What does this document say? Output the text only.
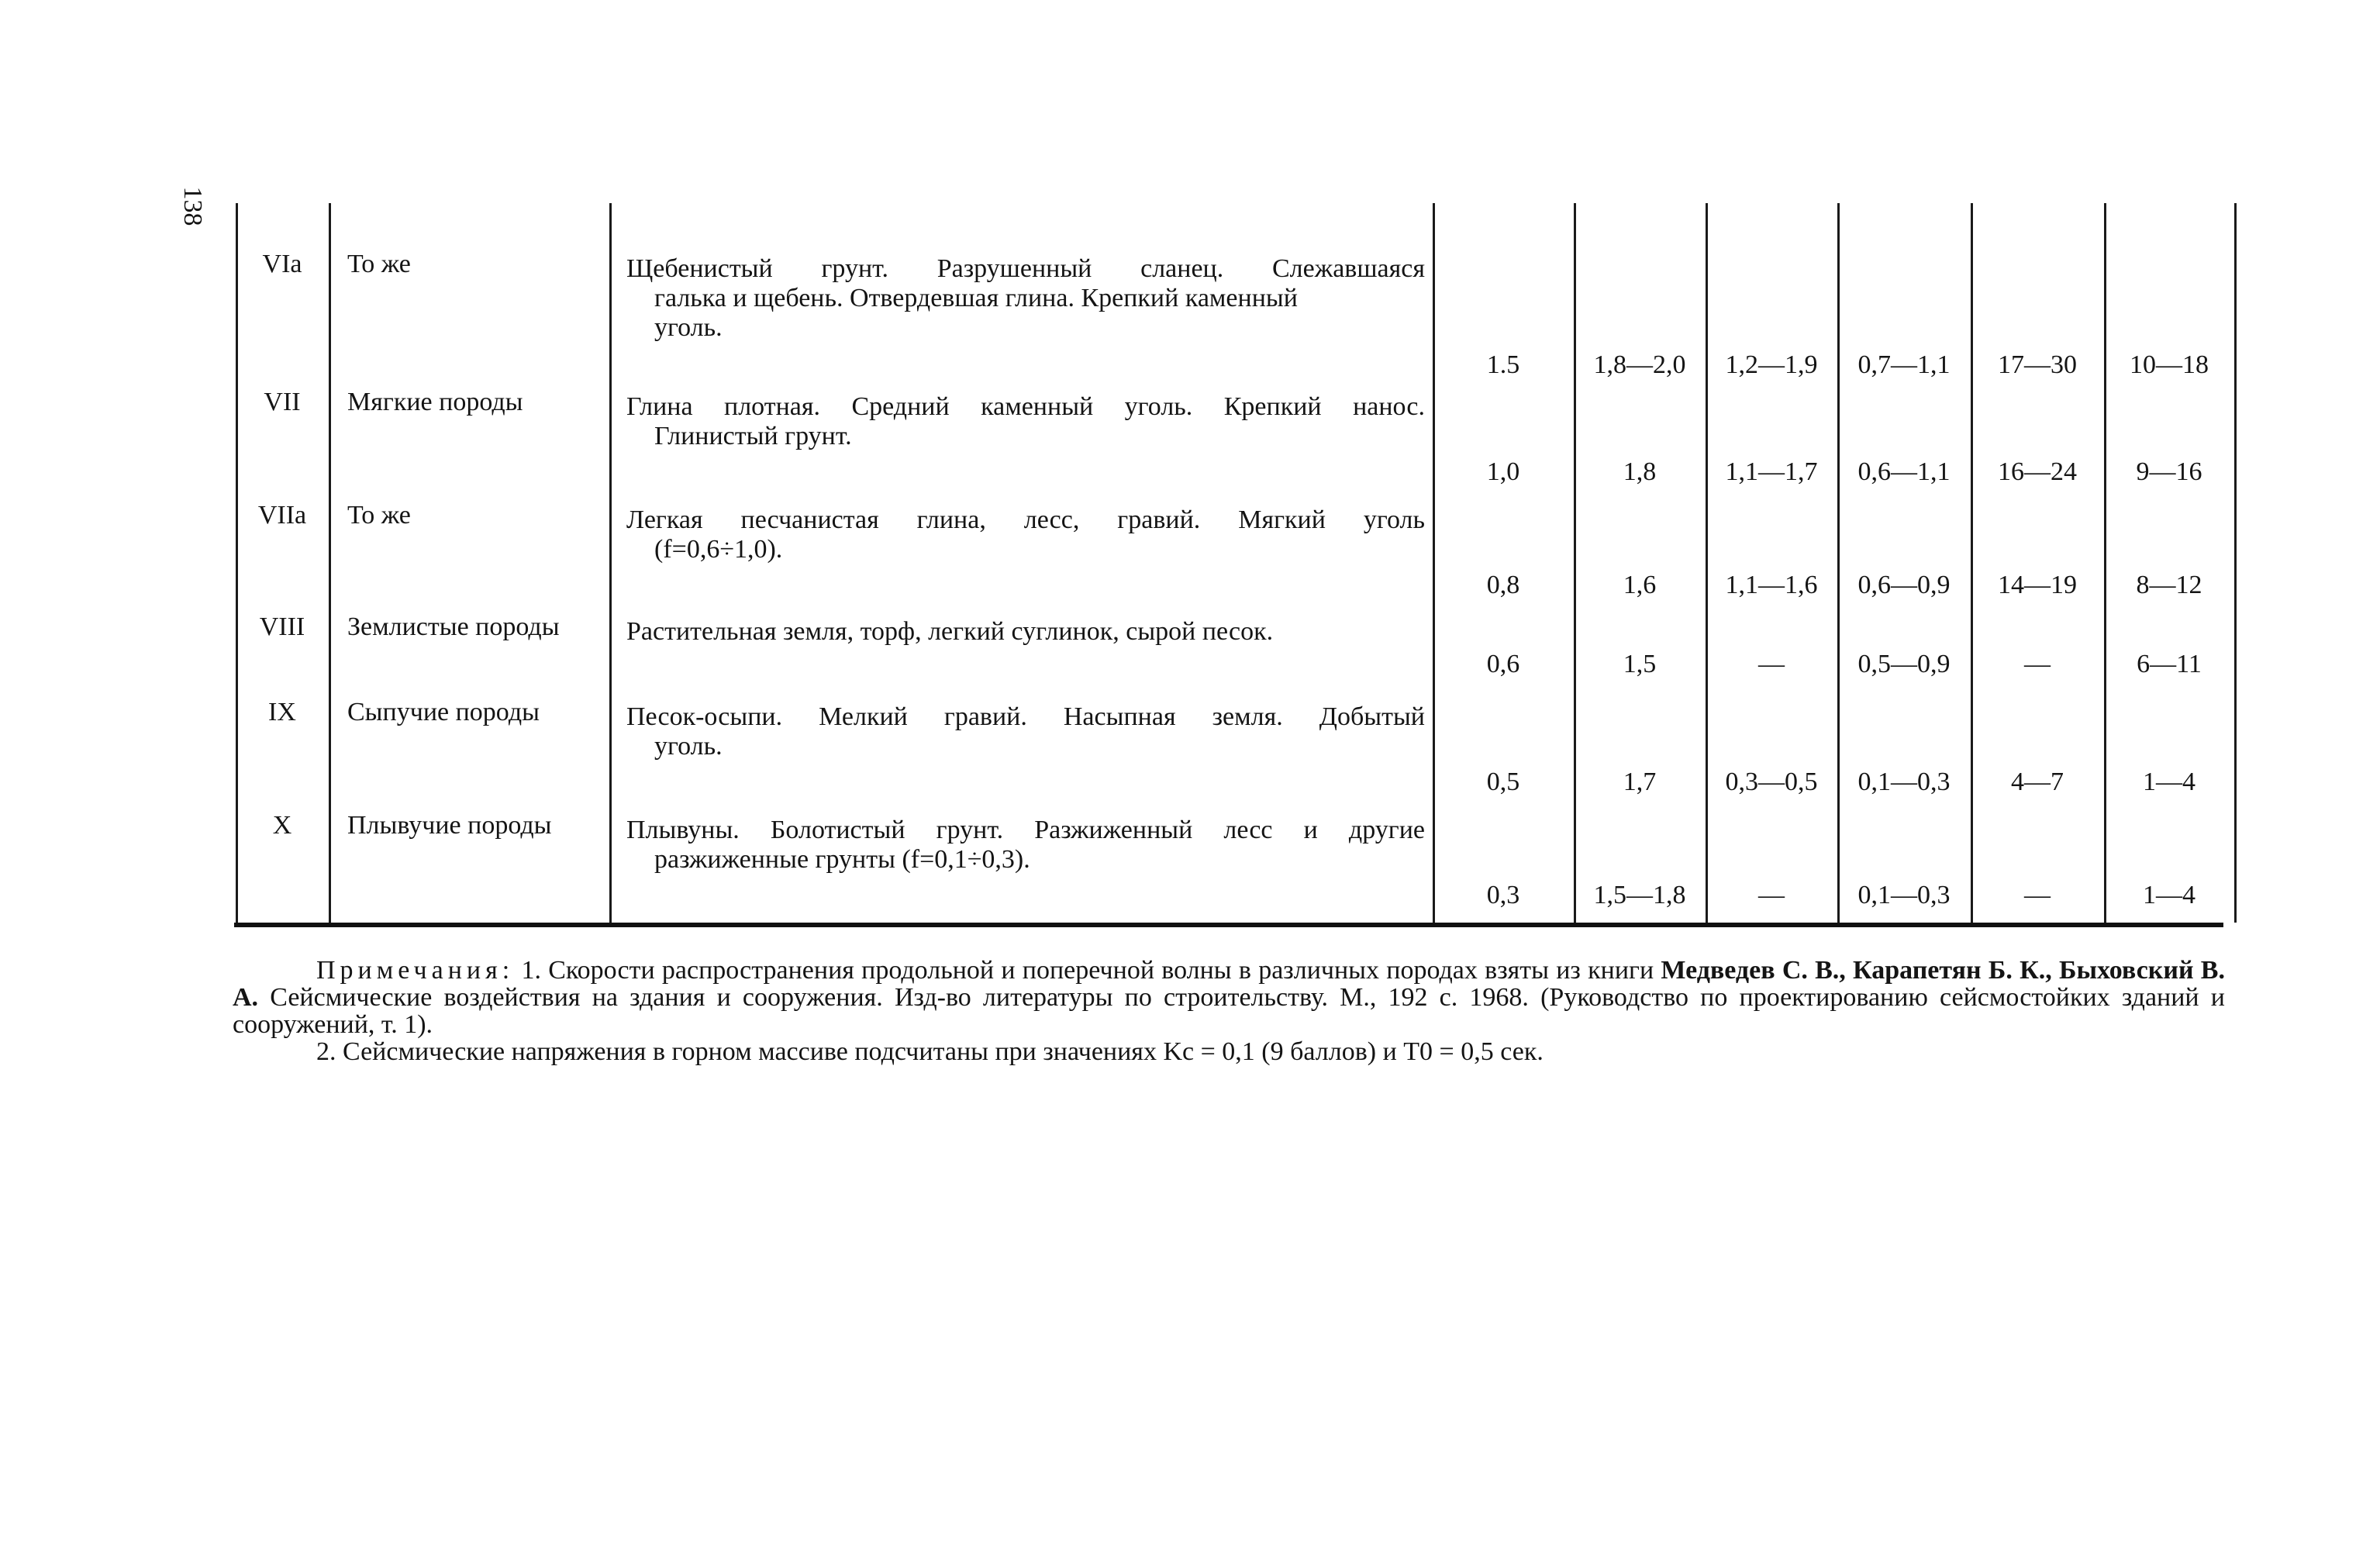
138
VIa	То же	Щебенистый грунт. Разрушенный сланец. Слежавшаяся
галька и щебень. Отвердевшая глина. Крепкий каменный
уголь.
1.5	1,8—2,0	1,2—1,9	0,7—1,1	17—30	10—18
VII	Мягкие породы	Глина плотная. Средний каменный уголь. Крепкий нанос.
Глинистый грунт.
1,0	1,8	1,1—1,7	0,6—1,1	16—24	9—16
VIIa	То же	Легкая песчанистая глина, лесс, гравий. Мягкий уголь
(f=0,6÷1,0).
0,8	1,6	1,1—1,6	0,6—0,9	14—19	8—12
VIII	Землистые породы	Растительная земля, торф, легкий суглинок, сырой песок.
0,6	1,5	—	0,5—0,9	—	6—11
IX	Сыпучие породы	Песок-осыпи. Мелкий гравий. Насыпная земля. Добытый
уголь.
0,5	1,7	0,3—0,5	0,1—0,3	4—7	1—4
X	Плывучие породы	Плывуны. Болотистый грунт. Разжиженный лесс и другие
разжиженные грунты (f=0,1÷0,3).
0,3	1,5—1,8	—	0,1—0,3	—	1—4

Примечания: 1. Скорости распространения продольной и поперечной волны в различных породах взяты из книги Медведев С. В., Карапетян Б. К., Быховский В. А. Сейсмические воздействия на здания и сооружения. Изд-во литературы по строительству. М., 192 с. 1968. (Руководство по проектированию сейсмостойких зданий и сооружений, т. 1).

2. Сейсмические напряжения в горном массиве подсчитаны при значениях Kc = 0,1 (9 баллов) и T0 = 0,5 сек.
